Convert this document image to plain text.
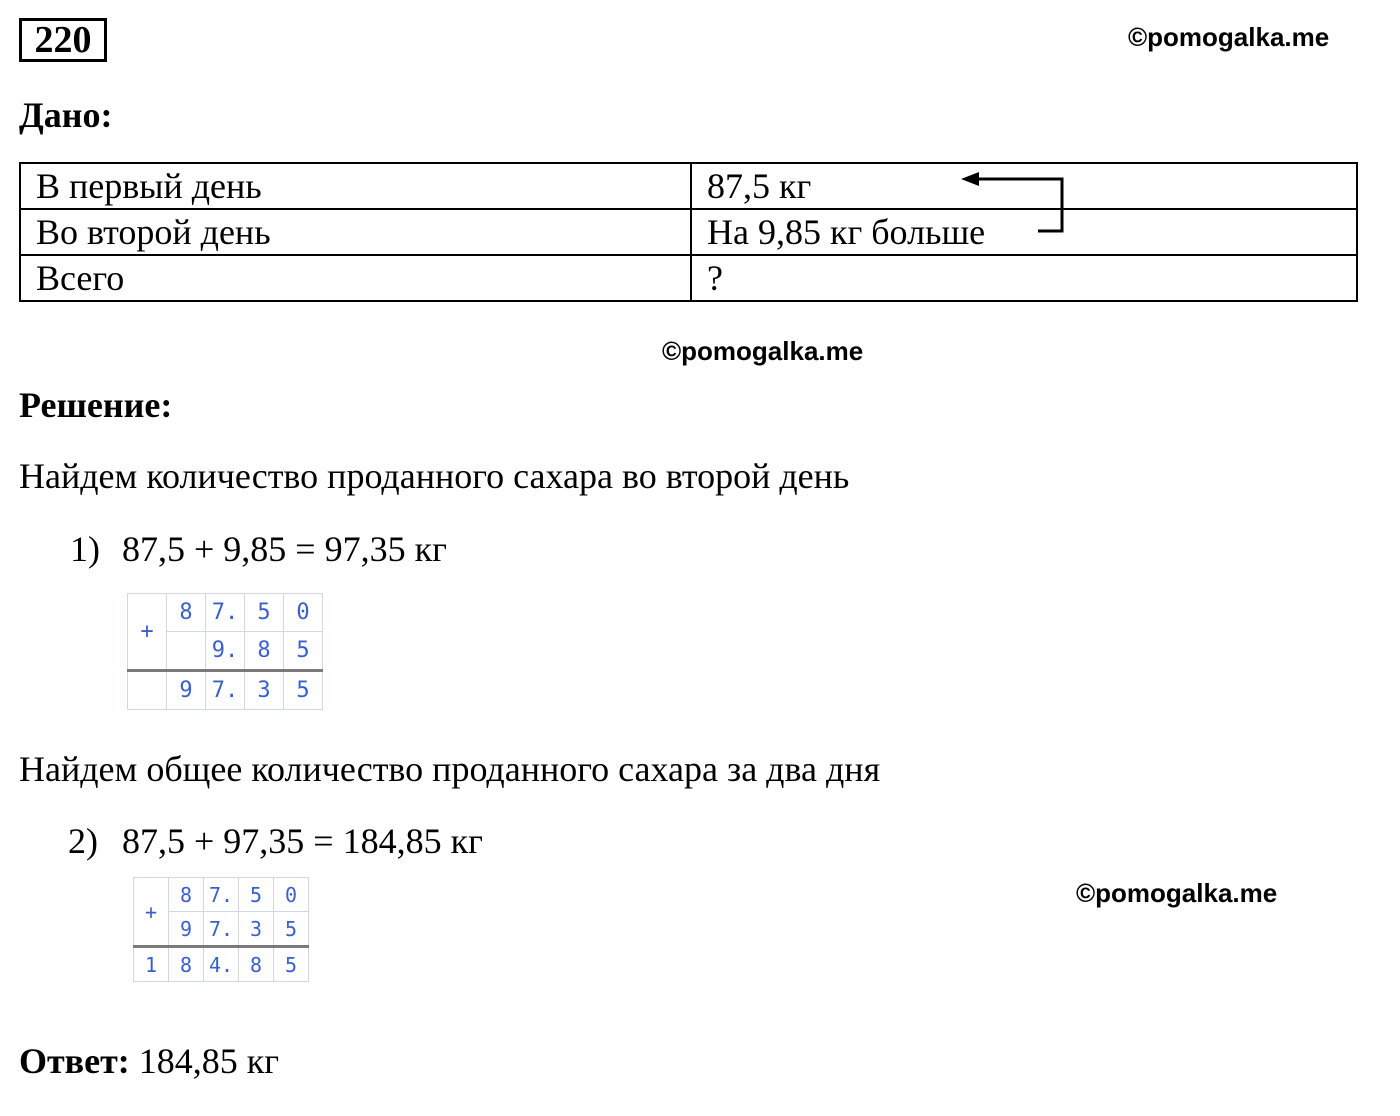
220	©pomogalka.me
Дано:
В первый день	87,5 кг
Во второй день	На 9,85 кг больше
Всего	?
©pomogalka.me
Решение:
Найдем количество проданного сахара во второй день
1) 87,5 + 9,85 = 97,35 кг
+	8	7.	5	0
		9.	8	5
	9	7.	3	5
Найдем общее количество проданного сахара за два дня
2) 87,5 + 97,35 = 184,85 кг
+	8	7.	5	0
	9	7.	3	5
1	8	4.	8	5
©pomogalka.me
Ответ: 184,85 кг
